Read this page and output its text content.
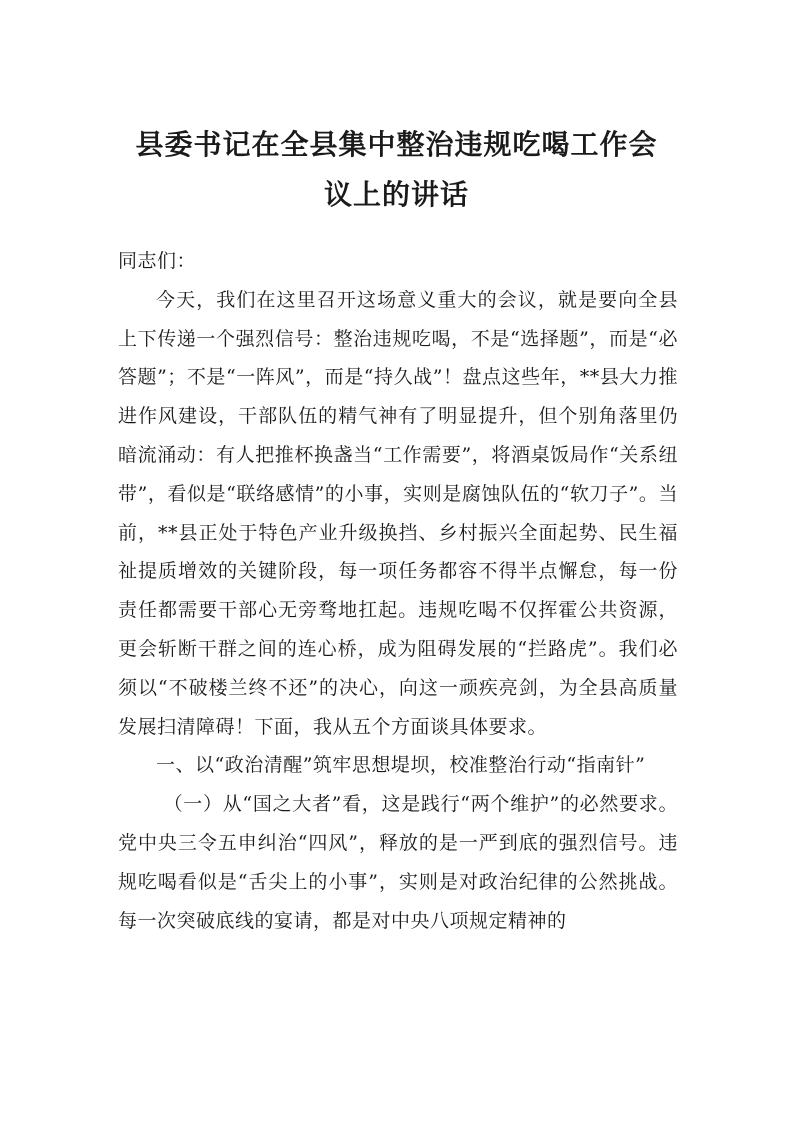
县委书记在全县集中整治违规吃喝工作会
议上的讲话

同志们：

今天，我们在这里召开这场意义重大的会议，就是要向全县上下传递一个强烈信号：整治违规吃喝，不是“选择题”，而是“必答题”；不是“一阵风”，而是“持久战”！盘点这些年，**县大力推进作风建设，干部队伍的精气神有了明显提升，但个别角落里仍暗流涌动：有人把推杯换盏当“工作需要”，将酒桌饭局作“关系纽带”，看似是“联络感情”的小事，实则是腐蚀队伍的“软刀子”。当前，**县正处于特色产业升级换挡、乡村振兴全面起势、民生福祉提质增效的关键阶段，每一项任务都容不得半点懈怠，每一份责任都需要干部心无旁骛地扛起。违规吃喝不仅挥霍公共资源，更会斩断干群之间的连心桥，成为阻碍发展的“拦路虎”。我们必须以“不破楼兰终不还”的决心，向这一顽疾亮剑，为全县高质量发展扫清障碍！下面，我从五个方面谈具体要求。

一、以“政治清醒”筑牢思想堤坝，校准整治行动“指南针”

（一）从“国之大者”看，这是践行“两个维护”的必然要求。党中央三令五申纠治“四风”，释放的是一严到底的强烈信号。违规吃喝看似是“舌尖上的小事”，实则是对政治纪律的公然挑战。每一次突破底线的宴请，都是对中央八项规定精神的
